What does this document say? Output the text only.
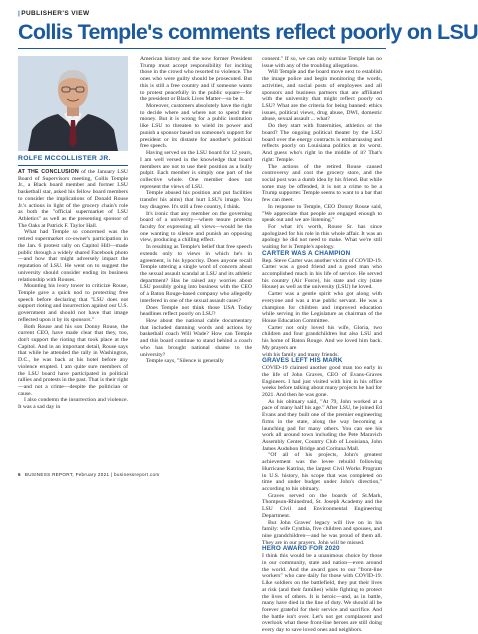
|PUBLISHER'S VIEW
Collis Temple's comments reflect poorly on LSU
ROLFE MCCOLLISTER JR.

AT THE CONCLUSION of the January LSU Board of Supervisors meeting, Collis Temple Jr., a Black board member and former LSU basketball star, asked his fellow board members to consider the implications of Donald Rouse Jr.'s actions in light of the grocery chain's role as both the "official supermarket of LSU Athletics" as well as the presenting sponsor of The Oaks at Patrick F. Taylor Hall.

What had Temple so concerned was the retired supermarket co-owner's participation in the Jan. 6 protest rally on Capitol Hill—made public through a widely shared Facebook photo—and how that might adversely impact the reputation of LSU. He went on to suggest the university should consider ending its business relationship with Rouses.

Mounting his ivory tower to criticize Rouse, Temple gave a quick nod to protecting free speech before declaring that "LSU does not support rioting and insurrection against our U.S. government and should not have that image reflected upon it by its sponsors."

Both Rouse and his son Donny Rouse, the current CEO, have made clear that they, too, don't support the rioting that took place at the Capitol. And in an important detail, Rouse says that while he attended the rally in Washington, D.C., he was back at his hotel before any violence erupted. I am quite sure members of the LSU board have participated in political rallies and protests in the past. That is their right—and not a crime—despite the politician or cause.

I also condemn the insurrection and violence. It was a sad day in

American history and the now former President Trump must accept responsibility for inciting those in the crowd who resorted to violence. The ones who were guilty should be prosecuted. But this is still a free country and if someone wants to protest peacefully in the public square—for the president or Black Lives Matter—so be it.

Moreover, customers absolutely have the right to decide where and where not to spend their money. But it is wrong for a public institution like LSU to threaten to wield its power and punish a sponsor based on someone's support for president or its distaste for another's political free speech.

Having served on the LSU board for 12 years, I am well versed in the knowledge that board members are not to use their position as a bully pulpit. Each member is simply one part of the collective whole. One member does not represent the views of LSU.

Temple abused his position and put facilities transfer his aims) that hurt LSU's image. You buy disagree. It's still a free country, I think.

It's ironic that any member on the governing board of a university—where tenure protects faculty for expressing all views—would be the one wanting to silence and punish an opposing view, producing a chilling effect.

In resulting as Temple's belief that free speech extends only to views in which he's in agreement, is his hypocrisy. Does anyone recall Temple uttering a single word of concern about the sexual assault scandal at LSU and its athletic department? Has he raised any worries about LSU possibly going into business with the CEO of a Baton Rouge-based company who allegedly interfered in one of the sexual assault cases?

Does Temple not think those USA Today headlines reflect poorly on LSU?

How about the national cable documentary that included damning words and actions by basketball coach Will Wade? How can Temple and this board continue to stand behind a coach who has brought national shame to the university?

Temple says, "Silence is generally

consent." If so, we can only surmise Temple has no issue with any of the troubling allegations.

Will Temple and the board move next to establish the image police and begin monitoring the words, activities, and social posts of employees and all sponsors and business partners that are affiliated with the university that might reflect poorly on LSU? What are the criteria for being banned: ethics issues, political views, drug abuse, DWI, domestic abuse, sexual assault ... what?

Do they start with fraternities, athletics or the board? The ongoing political theater by the LSU board over the energy contracts is embarrassing and reflects poorly on Louisiana politics at its worst. And guess who's right in the middle of it? That's right: Temple.

The actions of the retired Rouse caused controversy and cost the grocery store, and the social post was a dumb idea by his friend. But while some may be offended, it is not a crime to be a Trump supporter. Temple seems to want to a bar that few can meet.

In response to Temple, CEO Donny Rouse said, "We appreciate that people are engaged enough to speak out and we are listening."

For what it's worth, Rouse Sr. has since apologized for his role in this whole affair. It was an apology he did not need to make. What we're still waiting for is Temple's apology.

CARTER WAS A CHAMPION

Rep. Steve Carter was another victim of COVID-19. Carter was a good friend and a good man who accomplished much in his life of service. He served his country (Air Force), his state and city (state House) as well as the university (LSU) he loved.

Carter was a gentle spirit who got along with everyone and was a true public servant. He was a champion for children and improved education while serving in the Legislature as chairman of the House Education Committee.

Carter not only loved his wife, Gloria, two children and four grandchildren but also LSU and his home of Baton Rouge. And we loved him back. My prayers are

with his family and many friends.

GRAVES LEFT HIS MARK

COVID-19 claimed another good man too early in the life of John Graves, CEO of Evans-Graves Engineers. I had just visited with him in his office weeks before talking about many projects he had for 2021. And then he was gone.

As his obituary said, "At 79, John worked at a pace of many half his age." After LSU, he joined Ed Evans and they built one of the premier engineering firms in the state, along the way becoming a launching pad for many others. You can see his work all around town including the Pete Maravich Assembly Center, Country Club of Louisiana, John James Audubon Bridge and Coritana Mall.

"Of all of his projects, John's greatest achievement was the levee rebuild following Hurricane Katrina, the largest Civil Works Program in U.S. history, his scope that was completed on time and under budget under John's direction," according to his obituary.

Graves served on the boards of St.Mark, Thompson-Rhinedrud, St. Joseph Academy and the LSU Civil and Environmental Engineering Department.

But John Graves' legacy will live on in his family: wife Cynthia, five children and spouses, and nine grandchildren—and he was proud of them all. They are in our prayers. John will be missed.

HERO AWARD FOR 2020

I think this would be a unanimous choice by those in our community, state and nation—even around the world. And the award goes to our "front-line workers" who care daily for those with COVID-19. Like soldiers on the battlefield, they put their lives at risk (and their families) while fighting to protect the lives of others. It is heroic—and, as in battle, many have died in the line of duty. We should all be forever grateful for their service and sacrifice. And the battle isn't over. Let's not get complacent and overlook what these front-line heroes are still doing every day to save loved ones and neighbors.

6 BUSINESS REPORT, February 2021 | businessreport.com
